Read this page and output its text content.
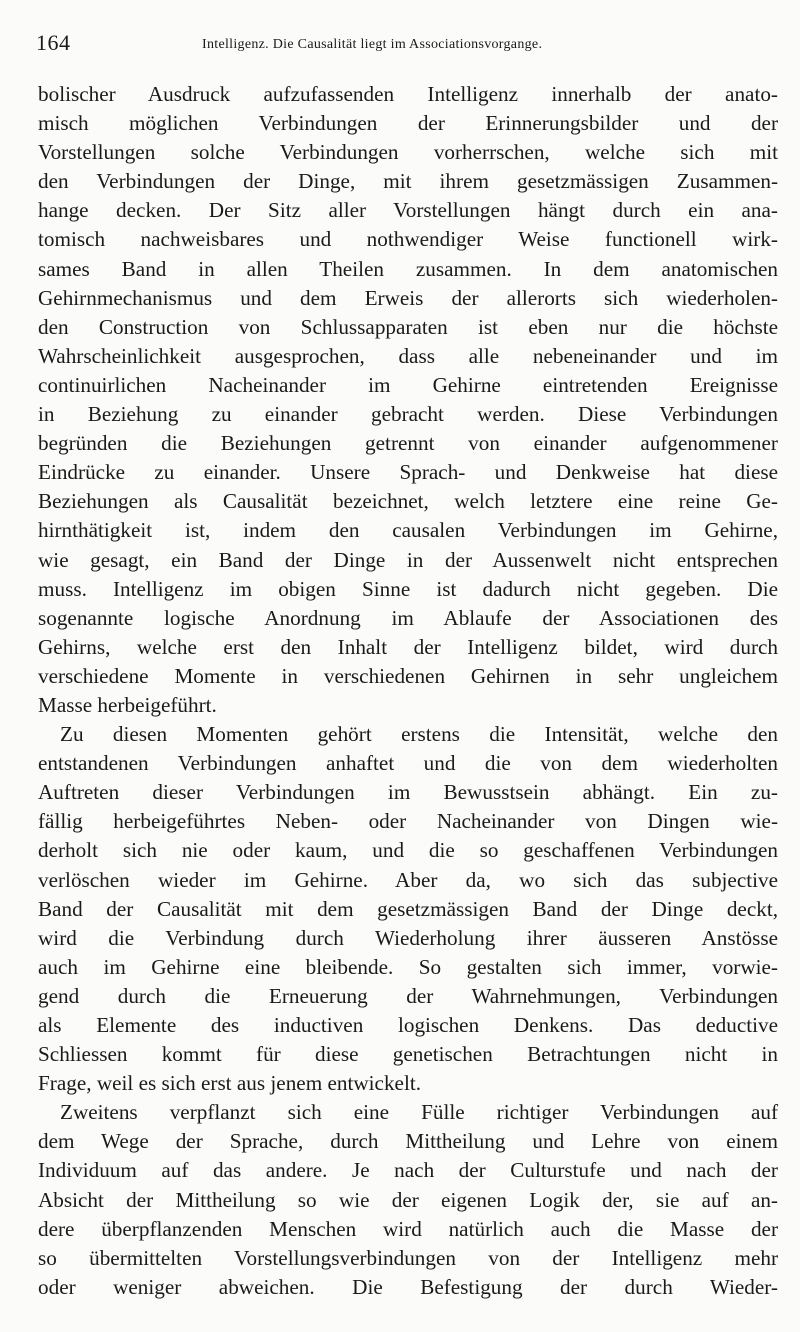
164	Intelligenz. Die Causalität liegt im Associationsvorgange.
bolischer Ausdruck aufzufassenden Intelligenz innerhalb der anato-
misch möglichen Verbindungen der Erinnerungsbilder und der
Vorstellungen solche Verbindungen vorherrschen, welche sich mit
den Verbindungen der Dinge, mit ihrem gesetzmässigen Zusammen-
hange decken. Der Sitz aller Vorstellungen hängt durch ein ana-
tomisch nachweisbares und nothwendiger Weise functionell wirk-
sames Band in allen Theilen zusammen. In dem anatomischen
Gehirnmechanismus und dem Erweis der allerorts sich wiederholen-
den Construction von Schlussapparaten ist eben nur die höchste
Wahrscheinlichkeit ausgesprochen, dass alle nebeneinander und im
continuirlichen Nacheinander im Gehirne eintretenden Ereignisse
in Beziehung zu einander gebracht werden. Diese Verbindungen
begründen die Beziehungen getrennt von einander aufgenommener
Eindrücke zu einander. Unsere Sprach- und Denkweise hat diese
Beziehungen als Causalität bezeichnet, welch letztere eine reine Ge-
hirnthätigkeit ist, indem den causalen Verbindungen im Gehirne,
wie gesagt, ein Band der Dinge in der Aussenwelt nicht entsprechen
muss. Intelligenz im obigen Sinne ist dadurch nicht gegeben. Die
sogenannte logische Anordnung im Ablaufe der Associationen des
Gehirns, welche erst den Inhalt der Intelligenz bildet, wird durch
verschiedene Momente in verschiedenen Gehirnen in sehr ungleichem
Masse herbeigeführt.
Zu diesen Momenten gehört erstens die Intensität, welche den
entstandenen Verbindungen anhaftet und die von dem wiederholten
Auftreten dieser Verbindungen im Bewusstsein abhängt. Ein zu-
fällig herbeigeführtes Neben- oder Nacheinander von Dingen wie-
derholt sich nie oder kaum, und die so geschaffenen Verbindungen
verlöschen wieder im Gehirne. Aber da, wo sich das subjective
Band der Causalität mit dem gesetzmässigen Band der Dinge deckt,
wird die Verbindung durch Wiederholung ihrer äusseren Anstösse
auch im Gehirne eine bleibende. So gestalten sich immer, vorwie-
gend durch die Erneuerung der Wahrnehmungen, Verbindungen
als Elemente des inductiven logischen Denkens. Das deductive
Schliessen kommt für diese genetischen Betrachtungen nicht in
Frage, weil es sich erst aus jenem entwickelt.
Zweitens verpflanzt sich eine Fülle richtiger Verbindungen auf
dem Wege der Sprache, durch Mittheilung und Lehre von einem
Individuum auf das andere. Je nach der Culturstufe und nach der
Absicht der Mittheilung so wie der eigenen Logik der, sie auf an-
dere überpflanzenden Menschen wird natürlich auch die Masse der
so übermittelten Vorstellungsverbindungen von der Intelligenz mehr
oder weniger abweichen. Die Befestigung der durch Wieder-
